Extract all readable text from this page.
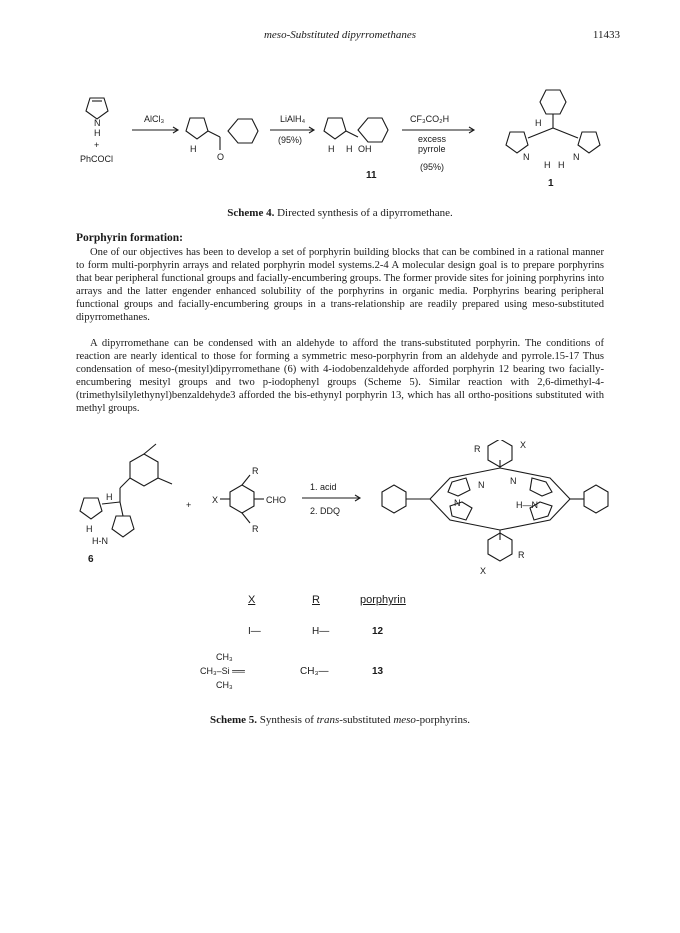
meso-Substituted dipyrromethanes	11433
N
H
+
PhCOCl
AlCl₃
H
O
LiAlH₄
(95%)
H H OH
11
CF₃CO₂H
excess
pyrrole
(95%)
H
N	N
H H
1
Scheme 4. Directed synthesis of a dipyrromethane.
Porphyrin formation:

One of our objectives has been to develop a set of porphyrin building blocks that can be combined in a rational manner to form multi-porphyrin arrays and related porphyrin model systems.2-4 A molecular design goal is to prepare porphyrins that bear peripheral functional groups and facially-encumbering groups. The former provide sites for joining porphyrins into arrays and the latter engender enhanced solubility of the porphyrins in organic media. Porphyrins bearing peripheral functional groups and facially-encumbering groups in a trans-relationship are readily prepared using meso-substituted dipyrromethanes.

A dipyrromethane can be condensed with an aldehyde to afford the trans-substituted porphyrin. The conditions of reaction are nearly identical to those for forming a symmetric meso-porphyrin from an aldehyde and pyrrole.15-17 Thus condensation of meso-(mesityl)dipyrromethane (6) with 4-iodobenzaldehyde afforded porphyrin 12 bearing two facially-encumbering mesityl groups and two p-iodophenyl groups (Scheme 5). Similar reaction with 2,6-dimethyl-4-(trimethylsilylethynyl)benzaldehyde3 afforded the bis-ethynyl porphyrin 13, which has all ortho-positions substituted with methyl groups.

H
H
H-N
6
+ X	CHO
R
R
1. acid
2. DDQ
N	N
N	H—N
X
R
X
R
X	R	porphyrin
I—	H—	12
CH₃
CH₃–Si ══
CH₃
CH₃—	13
Scheme 5. Synthesis of trans-substituted meso-porphyrins.
